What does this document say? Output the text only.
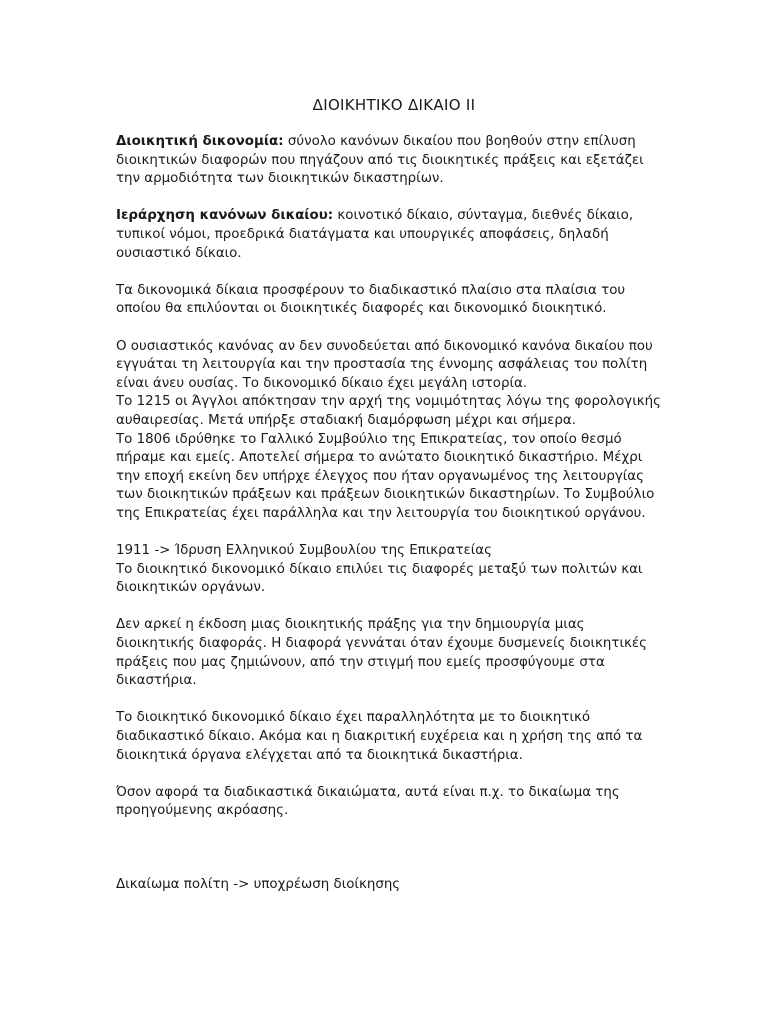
ΔΙΟΙΚΗΤΙΚΟ ΔΙΚΑΙΟ ΙΙ

Διοικητική δικονομία: σύνολο κανόνων δικαίου που βοηθούν στην επίλυση διοικητικών διαφορών που πηγάζουν από τις διοικητικές πράξεις και εξετάζει την αρμοδιότητα των διοικητικών δικαστηρίων.

Ιεράρχηση κανόνων δικαίου: κοινοτικό δίκαιο, σύνταγμα, διεθνές δίκαιο, τυπικοί νόμοι, προεδρικά διατάγματα και υπουργικές αποφάσεις, δηλαδή ουσιαστικό δίκαιο.

Τα δικονομικά δίκαια προσφέρουν το διαδικαστικό πλαίσιο στα πλαίσια του οποίου θα επιλύονται οι διοικητικές διαφορές και δικονομικό διοικητικό.

Ο ουσιαστικός κανόνας αν δεν συνοδεύεται από δικονομικό κανόνα δικαίου που εγγυάται τη λειτουργία και την προστασία της έννομης ασφάλειας του πολίτη είναι άνευ ουσίας. Το δικονομικό δίκαιο έχει μεγάλη ιστορία.

Το 1215 οι Άγγλοι απόκτησαν την αρχή της νομιμότητας λόγω της φορολογικής αυθαιρεσίας. Μετά υπήρξε σταδιακή διαμόρφωση μέχρι και σήμερα.

Το 1806 ιδρύθηκε το Γαλλικό Συμβούλιο της Επικρατείας, τον οποίο θεσμό πήραμε και εμείς. Αποτελεί σήμερα το ανώτατο διοικητικό δικαστήριο. Μέχρι την εποχή εκείνη δεν υπήρχε έλεγχος που ήταν οργανωμένος της λειτουργίας των διοικητικών πράξεων και πράξεων διοικητικών δικαστηρίων. Το Συμβούλιο της Επικρατείας έχει παράλληλα και την λειτουργία του διοικητικού οργάνου.

1911 -> Ίδρυση Ελληνικού Συμβουλίου της Επικρατείας

Το διοικητικό δικονομικό δίκαιο επιλύει τις διαφορές μεταξύ των πολιτών και διοικητικών οργάνων.

Δεν αρκεί η έκδοση μιας διοικητικής πράξης για την δημιουργία μιας διοικητικής διαφοράς. Η διαφορά γεννάται όταν έχουμε δυσμενείς διοικητικές πράξεις που μας ζημιώνουν, από την στιγμή που εμείς προσφύγουμε στα δικαστήρια.

Το διοικητικό δικονομικό δίκαιο έχει παραλληλότητα με το διοικητικό διαδικαστικό δίκαιο. Ακόμα και η διακριτική ευχέρεια και η χρήση της από τα διοικητικά όργανα ελέγχεται από τα διοικητικά δικαστήρια.

Όσον αφορά τα διαδικαστικά δικαιώματα, αυτά είναι π.χ. το δικαίωμα της προηγούμενης ακρόασης.

Δικαίωμα πολίτη -> υποχρέωση διοίκησης
